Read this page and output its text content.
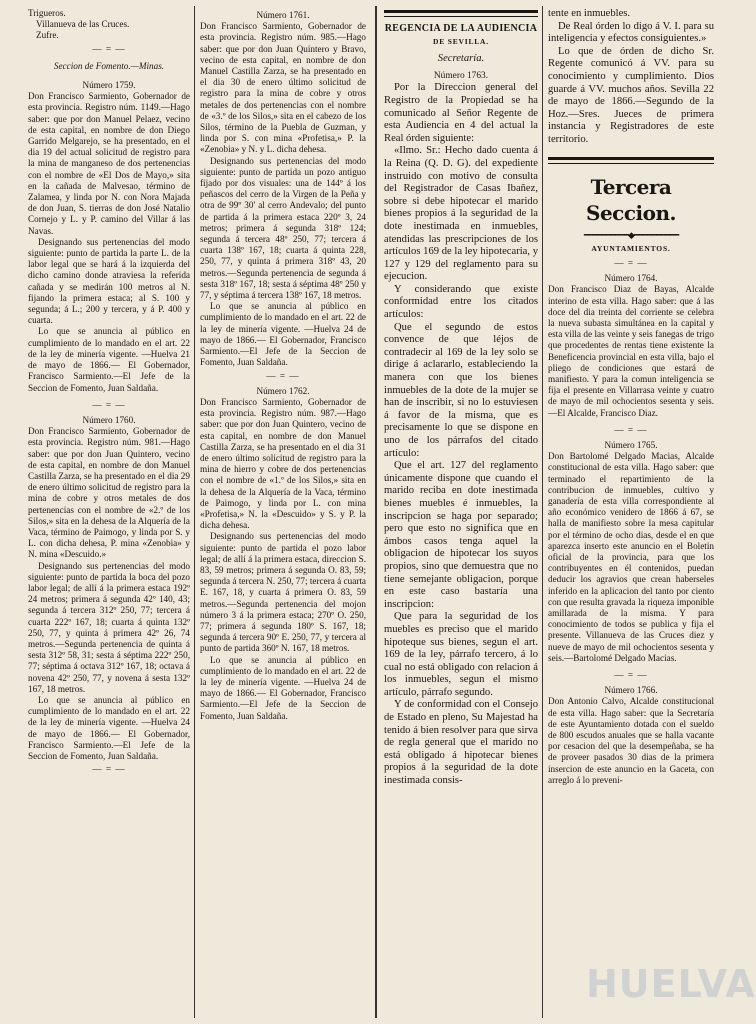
Trigueros.

Villanueva de las Cruces.

Zufre.

— = —

Seccion de Fomento.—Minas.

Número 1759.

Don Francisco Sarmiento, Gobernador de esta provincia. Registro núm. 1149.—Hago saber: que por don Manuel Pelaez, vecino de esta capital, en nombre de don Diego Garrido Melgarejo, se ha presentado, en el dia 19 del actual solicitud de registro para la mina de manganeso de dos pertenencias con el nombre de «El Dos de Mayo,» sita en la cañada de Malvesao, término de Zalamea, y linda por N. con Nora Majada de don Juan, S. tierras de don José Natalio Cornejo y L. y P. camino del Villar á las Navas.

Designando sus pertenencias del modo siguiente: punto de partida la parte L. de la labor legal que se hará á la izquierda del dicho camino donde atraviesa la referida cañada y se medirán 100 metros al N. fijando la primera estaca; al S. 100 y segunda; á L.; 200 y tercera, y á P. 400 y cuarta.

Lo que se anuncia al público en cumplimiento de lo mandado en el art. 22 de la ley de minería vigente. —Huelva 21 de mayo de 1866.— El Gobernador, Francisco Sarmiento.—El Jefe de la Seccion de Fomento, Juan Saldaña.

— = —

Número 1760.

Don Francisco Sarmiento, Gobernador de esta provincia. Registro núm. 981.—Hago saber: que por don Juan Quintero, vecino de esta capital, en nombre de don Manuel Castilla Zarza, se ha presentado en el dia 29 de enero último solicitud de registro para la mina de cobre y otros metales de dos pertenencias con el nombre de «2.º de los Silos,» sita en la dehesa de la Alquería de la Vaca, término de Paimogo, y linda por S. y L. con dicha dehesa, P. mina «Zenobia» y N. mina «Descuido.»

Designando sus pertenencias del modo siguiente: punto de partida la boca del pozo labor legal; de allí á la primera estaca 192º 24 metros; primera á segunda 42º 140, 43; segunda á tercera 312º 250, 77; tercera á cuarta 222º 167, 18; cuarta á quinta 132º 250, 77, y quinta á primera 42º 26, 74 metros.—Segunda pertenencia de quinta á sesta 312º 58, 31; sesta á séptima 222º 250, 77; séptima á octava 312º 167, 18; octava á novena 42º 250, 77, y novena á sesta 132º 167, 18 metros.

Lo que se anuncia al público en cumplimiento de lo mandado en el art. 22 de la ley de minería vigente. —Huelva 24 de mayo de 1866.— El Gobernador, Francisco Sarmiento.—El Jefe de la Seccion de Fomento, Juan Saldaña.

— = —

Número 1761.

Don Francisco Sarmiento, Gobernador de esta provincia. Registro núm. 985.—Hago saber: que por don Juan Quintero y Bravo, vecino de esta capital, en nombre de don Manuel Castilla Zarza, se ha presentado en el dia 30 de enero último solicitud de registro para la mina de cobre y otros metales de dos pertenencias con el nombre de «3.º de los Silos,» sita en el cabezo de los Silos, término de la Puebla de Guzman, y linda por S. con mina «Profetisa,» P. la «Zenobia» y N. y L. dicha dehesa.

Designando sus pertenencias del modo siguiente: punto de partida un pozo antiguo fijado por dos visuales: una de 144º á los peñascos del cerro de la Virgen de la Peña y otra de 99º 30' al cerro Andevalo; del punto de partida á la primera estaca 220º 3, 24 metros; primera á segunda 318º 124; segunda á tercera 48º 250, 77; tercera á cuarta 138º 167, 18; cuarta á quinta 228, 250, 77, y quinta á primera 318º 43, 20 metros.—Segunda pertenencia de segunda á sesta 318º 167, 18; sesta á séptima 48º 250 y 77, y séptima á tercera 138º 167, 18 metros.

Lo que se anuncia al público en cumplimiento de lo mandado en el art. 22 de la ley de minería vigente. —Huelva 24 de mayo de 1866.— El Gobernador, Francisco Sarmiento.—El Jefe de la Seccion de Fomento, Juan Saldaña.

— = —

Número 1762.

Don Francisco Sarmiento, Gobernador de esta provincia. Registro núm. 987.—Hago saber: que por don Juan Quintero, vecino de esta capital, en nombre de don Manuel Castilla Zarza, se ha presentado en el dia 31 de enero último solicitud de registro para la mina de hierro y cobre de dos pertenencias con el nombre de «1.º de los Silos,» sita en la dehesa de la Alquería de la Vaca, término de Paimogo, y linda por L. con mina «Profetisa,» N. la «Descuido» y S. y P. la dicha dehesa.

Designando sus pertenencias del modo siguiente: punto de partida el pozo labor legal; de allí á la primera estaca, direccion S. 83, 59 metros; primera á segunda O. 83, 59; segunda á tercera N. 250, 77; tercera á cuarta E. 167, 18, y cuarta á primera O. 83, 59 metros.—Segunda pertenencia del mojon número 3 á la primera estaca; 270º O. 250, 77; primera á segunda 180º S. 167, 18; segunda á tercera 90º E. 250, 77, y tercera al punto de partida 360º N. 167, 18 metros.

Lo que se anuncia al público en cumplimiento de lo mandado en el art. 22 de la ley de minería vigente. —Huelva 24 de mayo de 1866.— El Gobernador, Francisco Sarmiento.—El Jefe de la Seccion de Fomento, Juan Saldaña.

REGENCIA DE LA AUDIENCIA

DE SEVILLA.

Secretaría.

Número 1763.

Por la Direccion general del Registro de la Propiedad se ha comunicado al Señor Regente de esta Audiencia en 4 del actual la Real órden siguiente:

«Ilmo. Sr.: Hecho dado cuenta á la Reina (Q. D. G). del expediente instruido con motivo de consulta del Registrador de Casas Ibañez, sobre si debe hipotecar el marido bienes propios á la seguridad de la dote inestimada en inmuebles, atendidas las prescripciones de los artículos 169 de la ley hipotecaria, y 127 y 129 del reglamento para su ejecucion.

Y considerando que existe conformidad entre los citados artículos:

Que el segundo de estos convence de que léjos de contradecir al 169 de la ley solo se dirige á aclararlo, estableciendo la manera con que los bienes inmuebles de la dote de la mujer se han de inscribir, si no lo estuviesen á favor de la misma, que es precisamente lo que se dispone en uno de los párrafos del citado artículo:

Que el art. 127 del reglamento únicamente dispone que cuando el marido reciba en dote inestimada bienes muebles é inmuebles, la inscripcion se haga por separado; pero que esto no significa que en ámbos casos tenga aquel la obligacion de hipotecar los suyos propios, sino que demuestra que no tiene semejante obligacion, porque en este caso bastaría una inscripcion:

Que para la seguridad de los muebles es preciso que el marido hipoteque sus bienes, segun el art. 169 de la ley, párrafo tercero, á lo cual no está obligado con relacion á los inmuebles, segun el mismo artículo, párrafo segundo.

Y de conformidad con el Consejo de Estado en pleno, Su Majestad ha tenido á bien resolver para que sirva de regla general que el marido no está obligado á hipotecar bienes propios á la seguridad de la dote inestimada consis-

tente en inmuebles.

De Real órden lo digo á V. I. para su inteligencia y efectos consiguientes.»

Lo que de órden de dicho Sr. Regente comunicó á VV. para su conocimiento y cumplimiento. Dios guarde á VV. muchos años. Sevilla 22 de mayo de 1866.—Segundo de la Hoz.—Sres. Jueces de primera instancia y Registradores de este territorio.

Tercera Seccion.

━━━━━━━━━━◆━━━━━━━━━━

AYUNTAMIENTOS.

— = —

Número 1764.

Don Francisco Diaz de Bayas, Alcalde interino de esta villa. Hago saber: que á las doce del dia treinta del corriente se celebra la nueva subasta simultánea en la capital y esta villa de las veinte y seis fanegas de trigo que procedentes de rentas tiene existente la Beneficencia provincial en esta villa, bajo el pliego de condiciones que estará de manifiesto. Y para la comun inteligencia se fija el presente en Villarrasa veinte y cuatro de mayo de mil ochocientos sesenta y seis.—El Alcalde, Francisco Diaz.

— = —

Número 1765.

Don Bartolomé Delgado Macias, Alcalde constitucional de esta villa. Hago saber: que terminado el repartimiento de la contribucion de inmuebles, cultivo y ganadería de esta villa correspondiente al año económico venidero de 1866 á 67, se halla de manifiesto sobre la mesa capitular por el término de ocho dias, desde el en que aparezca inserto este anuncio en el Boletin oficial de la provincia, para que los contribuyentes en él contenidos, puedan deducir los agravios que crean haberseles inferido en la aplicacion del tanto por ciento con que resulta gravada la riqueza imponible amillarada de la misma. Y para conocimiento de todos se publica y fija el presente. Villanueva de las Cruces diez y nueve de mayo de mil ochocientos sesenta y seis.—Bartolomé Delgado Macias.

— = —

Número 1766.

Don Antonio Calvo, Alcalde constitucional de esta villa. Hago saber: que la Secretaría de este Ayuntamiento dotada con el sueldo de 800 escudos anuales que se halla vacante por cesacion del que la desempeñaba, se ha de proveer pasados 30 dias de la primera insercion de este anuncio en la Gaceta, con arreglo á lo preveni-

HUELVA
